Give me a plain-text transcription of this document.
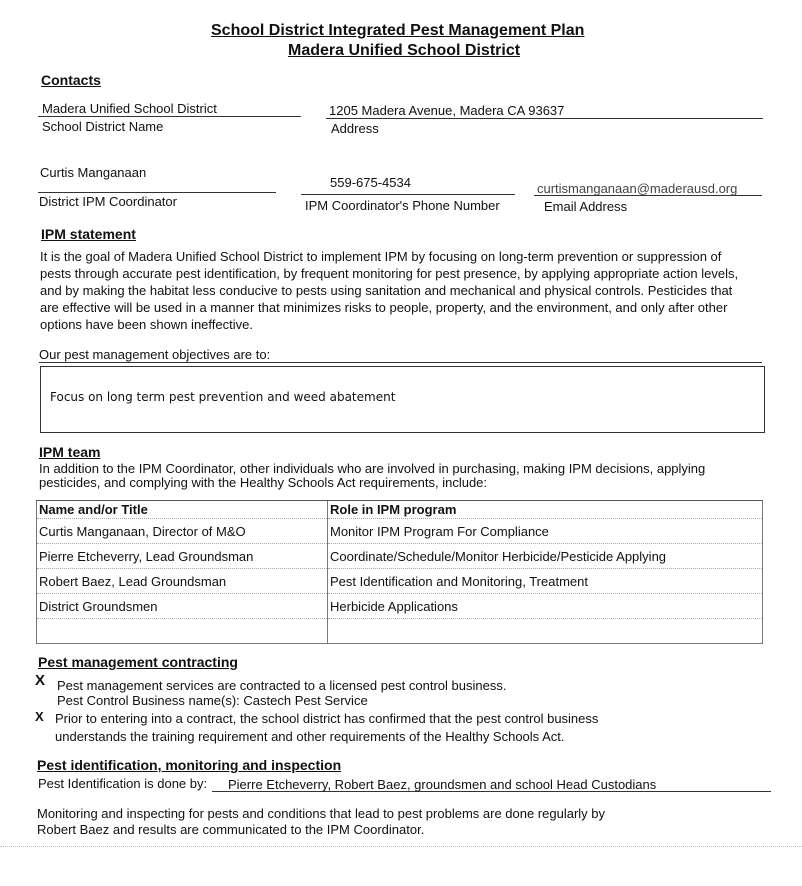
School District Integrated Pest Management Plan
Madera Unified School District
Contacts
Madera Unified School District
School District Name
1205 Madera Avenue, Madera CA 93637
Address
Curtis Manganaan
District IPM Coordinator
559-675-4534
IPM Coordinator's Phone Number
curtismanganaan@maderausd.org
Email Address
IPM statement
It is the goal of Madera Unified School District to implement IPM by focusing on long-term prevention or suppression of
pests through accurate pest identification, by frequent monitoring for pest presence, by applying appropriate action levels,
and by making the habitat less conducive to pests using sanitation and mechanical and physical controls. Pesticides that
are effective will be used in a manner that minimizes risks to people, property, and the environment, and only after other
options have been shown ineffective.
Our pest management objectives are to:
Focus on long term pest prevention and weed abatement
IPM team
In addition to the IPM Coordinator, other individuals who are involved in purchasing, making IPM decisions, applying
pesticides, and complying with the Healthy Schools Act requirements, include:
Name and/or Title	Role in IPM program
Curtis Manganaan, Director of M&O	Monitor IPM Program For Compliance
Pierre Etcheverry, Lead Groundsman	Coordinate/Schedule/Monitor Herbicide/Pesticide Applying
Robert Baez, Lead Groundsman	Pest Identification and Monitoring, Treatment
District Groundsmen	Herbicide Applications

Pest management contracting
X Pest management services are contracted to a licensed pest control business.
Pest Control Business name(s): Castech Pest Service
X Prior to entering into a contract, the school district has confirmed that the pest control business
understands the training requirement and other requirements of the Healthy Schools Act.
Pest identification, monitoring and inspection
Pest Identification is done by: Pierre Etcheverry, Robert Baez, groundsmen and school Head Custodians
Monitoring and inspecting for pests and conditions that lead to pest problems are done regularly by
Robert Baez and results are communicated to the IPM Coordinator.
